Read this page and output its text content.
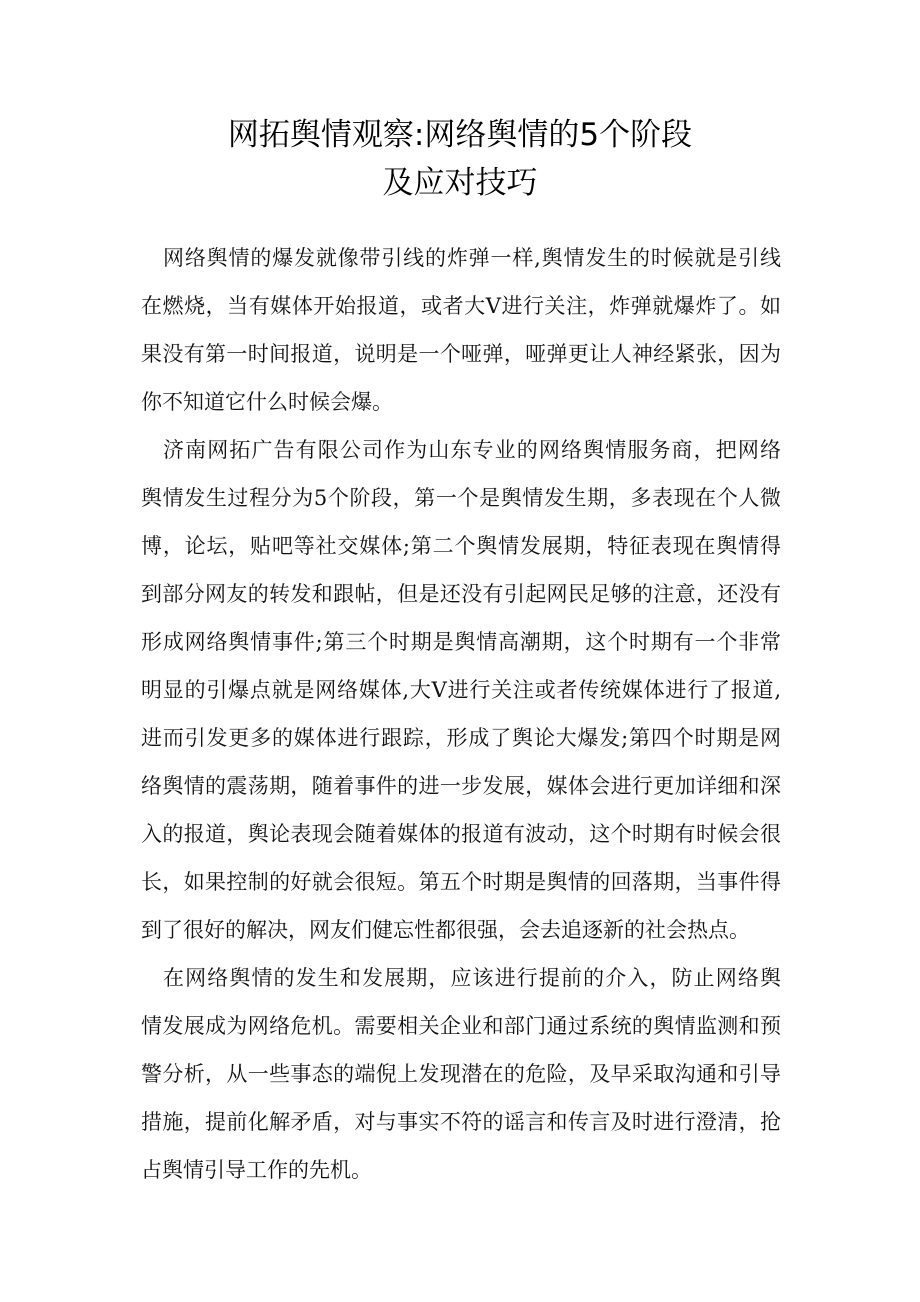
网拓舆情观察:网络舆情的5个阶段
及应对技巧
网络舆情的爆发就像带引线的炸弹一样,舆情发生的时候就是引线
在燃烧，当有媒体开始报道，或者大V进行关注，炸弹就爆炸了。如
果没有第一时间报道，说明是一个哑弹，哑弹更让人神经紧张，因为
你不知道它什么时候会爆。
济南网拓广告有限公司作为山东专业的网络舆情服务商，把网络
舆情发生过程分为5个阶段，第一个是舆情发生期，多表现在个人微
博，论坛，贴吧等社交媒体;第二个舆情发展期，特征表现在舆情得
到部分网友的转发和跟帖，但是还没有引起网民足够的注意，还没有
形成网络舆情事件;第三个时期是舆情高潮期，这个时期有一个非常
明显的引爆点就是网络媒体,大V进行关注或者传统媒体进行了报道,
进而引发更多的媒体进行跟踪，形成了舆论大爆发;第四个时期是网
络舆情的震荡期，随着事件的进一步发展，媒体会进行更加详细和深
入的报道，舆论表现会随着媒体的报道有波动，这个时期有时候会很
长，如果控制的好就会很短。第五个时期是舆情的回落期，当事件得
到了很好的解决，网友们健忘性都很强，会去追逐新的社会热点。
在网络舆情的发生和发展期，应该进行提前的介入，防止网络舆
情发展成为网络危机。需要相关企业和部门通过系统的舆情监测和预
警分析，从一些事态的端倪上发现潜在的危险，及早采取沟通和引导
措施，提前化解矛盾，对与事实不符的谣言和传言及时进行澄清，抢
占舆情引导工作的先机。
